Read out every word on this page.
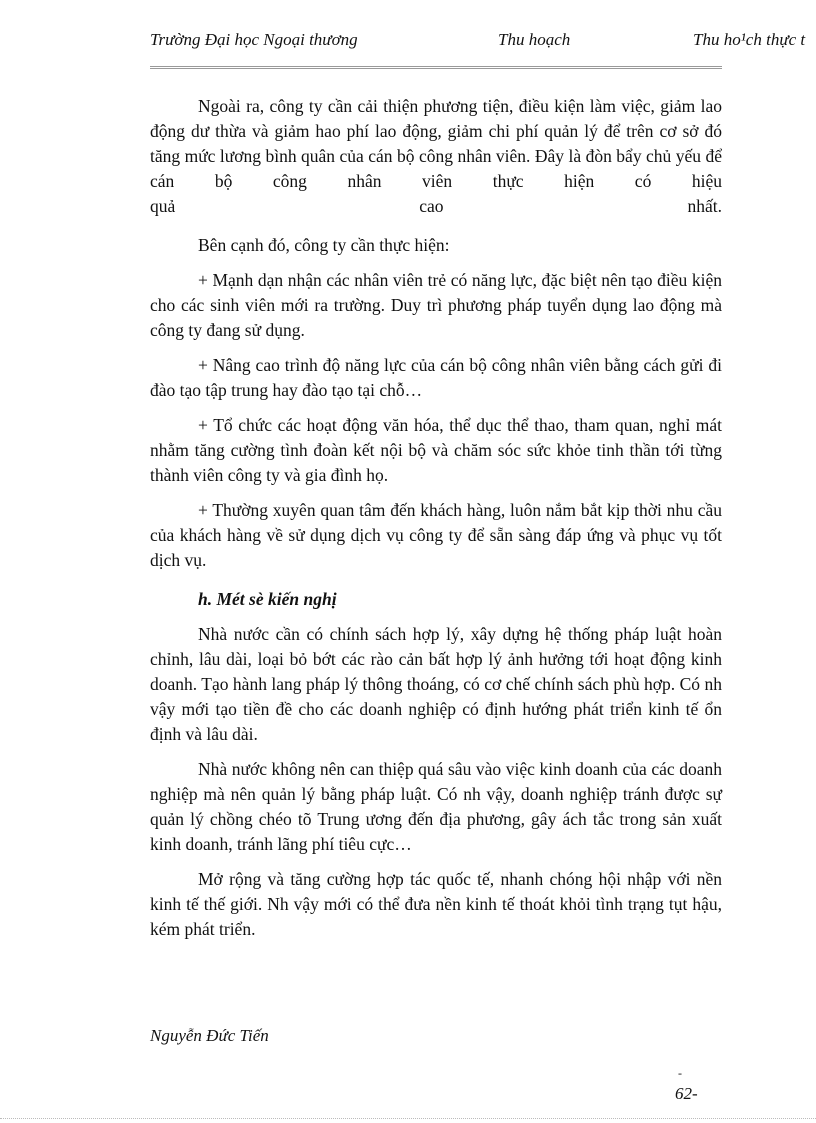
Trường Đại học Ngoại thương	Thu hoạch	Thu ho¹ch thực t

Ngoài ra, công ty cần cải thiện phương tiện, điều kiện làm việc, giảm lao động dư thừa và giảm hao phí lao động, giảm chi phí quản lý để trên cơ sở đó tăng mức lương bình quân của cán bộ công nhân viên. Đây là đòn bẩy chủ yếu để cán bộ công nhân viên thực hiện có hiệu

quả cao nhất.

Bên cạnh đó, công ty cần thực hiện:

+ Mạnh dạn nhận các nhân viên trẻ có năng lực, đặc biệt nên tạo điều kiện cho các sinh viên mới ra trường. Duy trì phương pháp tuyển dụng lao động mà công ty đang sử dụng.

+ Nâng cao trình độ năng lực của cán bộ công nhân viên bằng cách gửi đi đào tạo tập trung hay đào tạo tại chỗ…

+ Tổ chức các hoạt động văn hóa, thể dục thể thao, tham quan, nghỉ mát nhằm tăng cường tình đoàn kết nội bộ và chăm sóc sức khỏe tinh thần tới từng thành viên công ty và gia đình họ.

+ Thường xuyên quan tâm đến khách hàng, luôn nắm bắt kịp thời nhu cầu của khách hàng về sử dụng dịch vụ công ty để sẵn sàng đáp ứng và phục vụ tốt dịch vụ.

h. Mét sè kiến nghị

Nhà nước cần có chính sách hợp lý, xây dựng hệ thống pháp luật hoàn chỉnh, lâu dài, loại bỏ bớt các rào cản bất hợp lý ảnh hưởng tới hoạt động kinh doanh. Tạo hành lang pháp lý thông thoáng, có cơ chế chính sách phù hợp. Có nh vậy mới tạo tiền đề cho các doanh nghiệp có định hướng phát triển kinh tế ổn định và lâu dài.

Nhà nước không nên can thiệp quá sâu vào việc kinh doanh của các doanh nghiệp mà nên quản lý bằng pháp luật. Có nh vậy, doanh nghiệp tránh được sự quản lý chồng chéo tõ Trung ương đến địa phương, gây ách tắc trong sản xuất kinh doanh, tránh lãng phí tiêu cực…

Mở rộng và tăng cường hợp tác quốc tế, nhanh chóng hội nhập với nền kinh tế thế giới. Nh vậy mới có thể đưa nền kinh tế thoát khỏi tình trạng tụt hậu, kém phát triển.

Nguyễn Đức Tiến
-
62-
